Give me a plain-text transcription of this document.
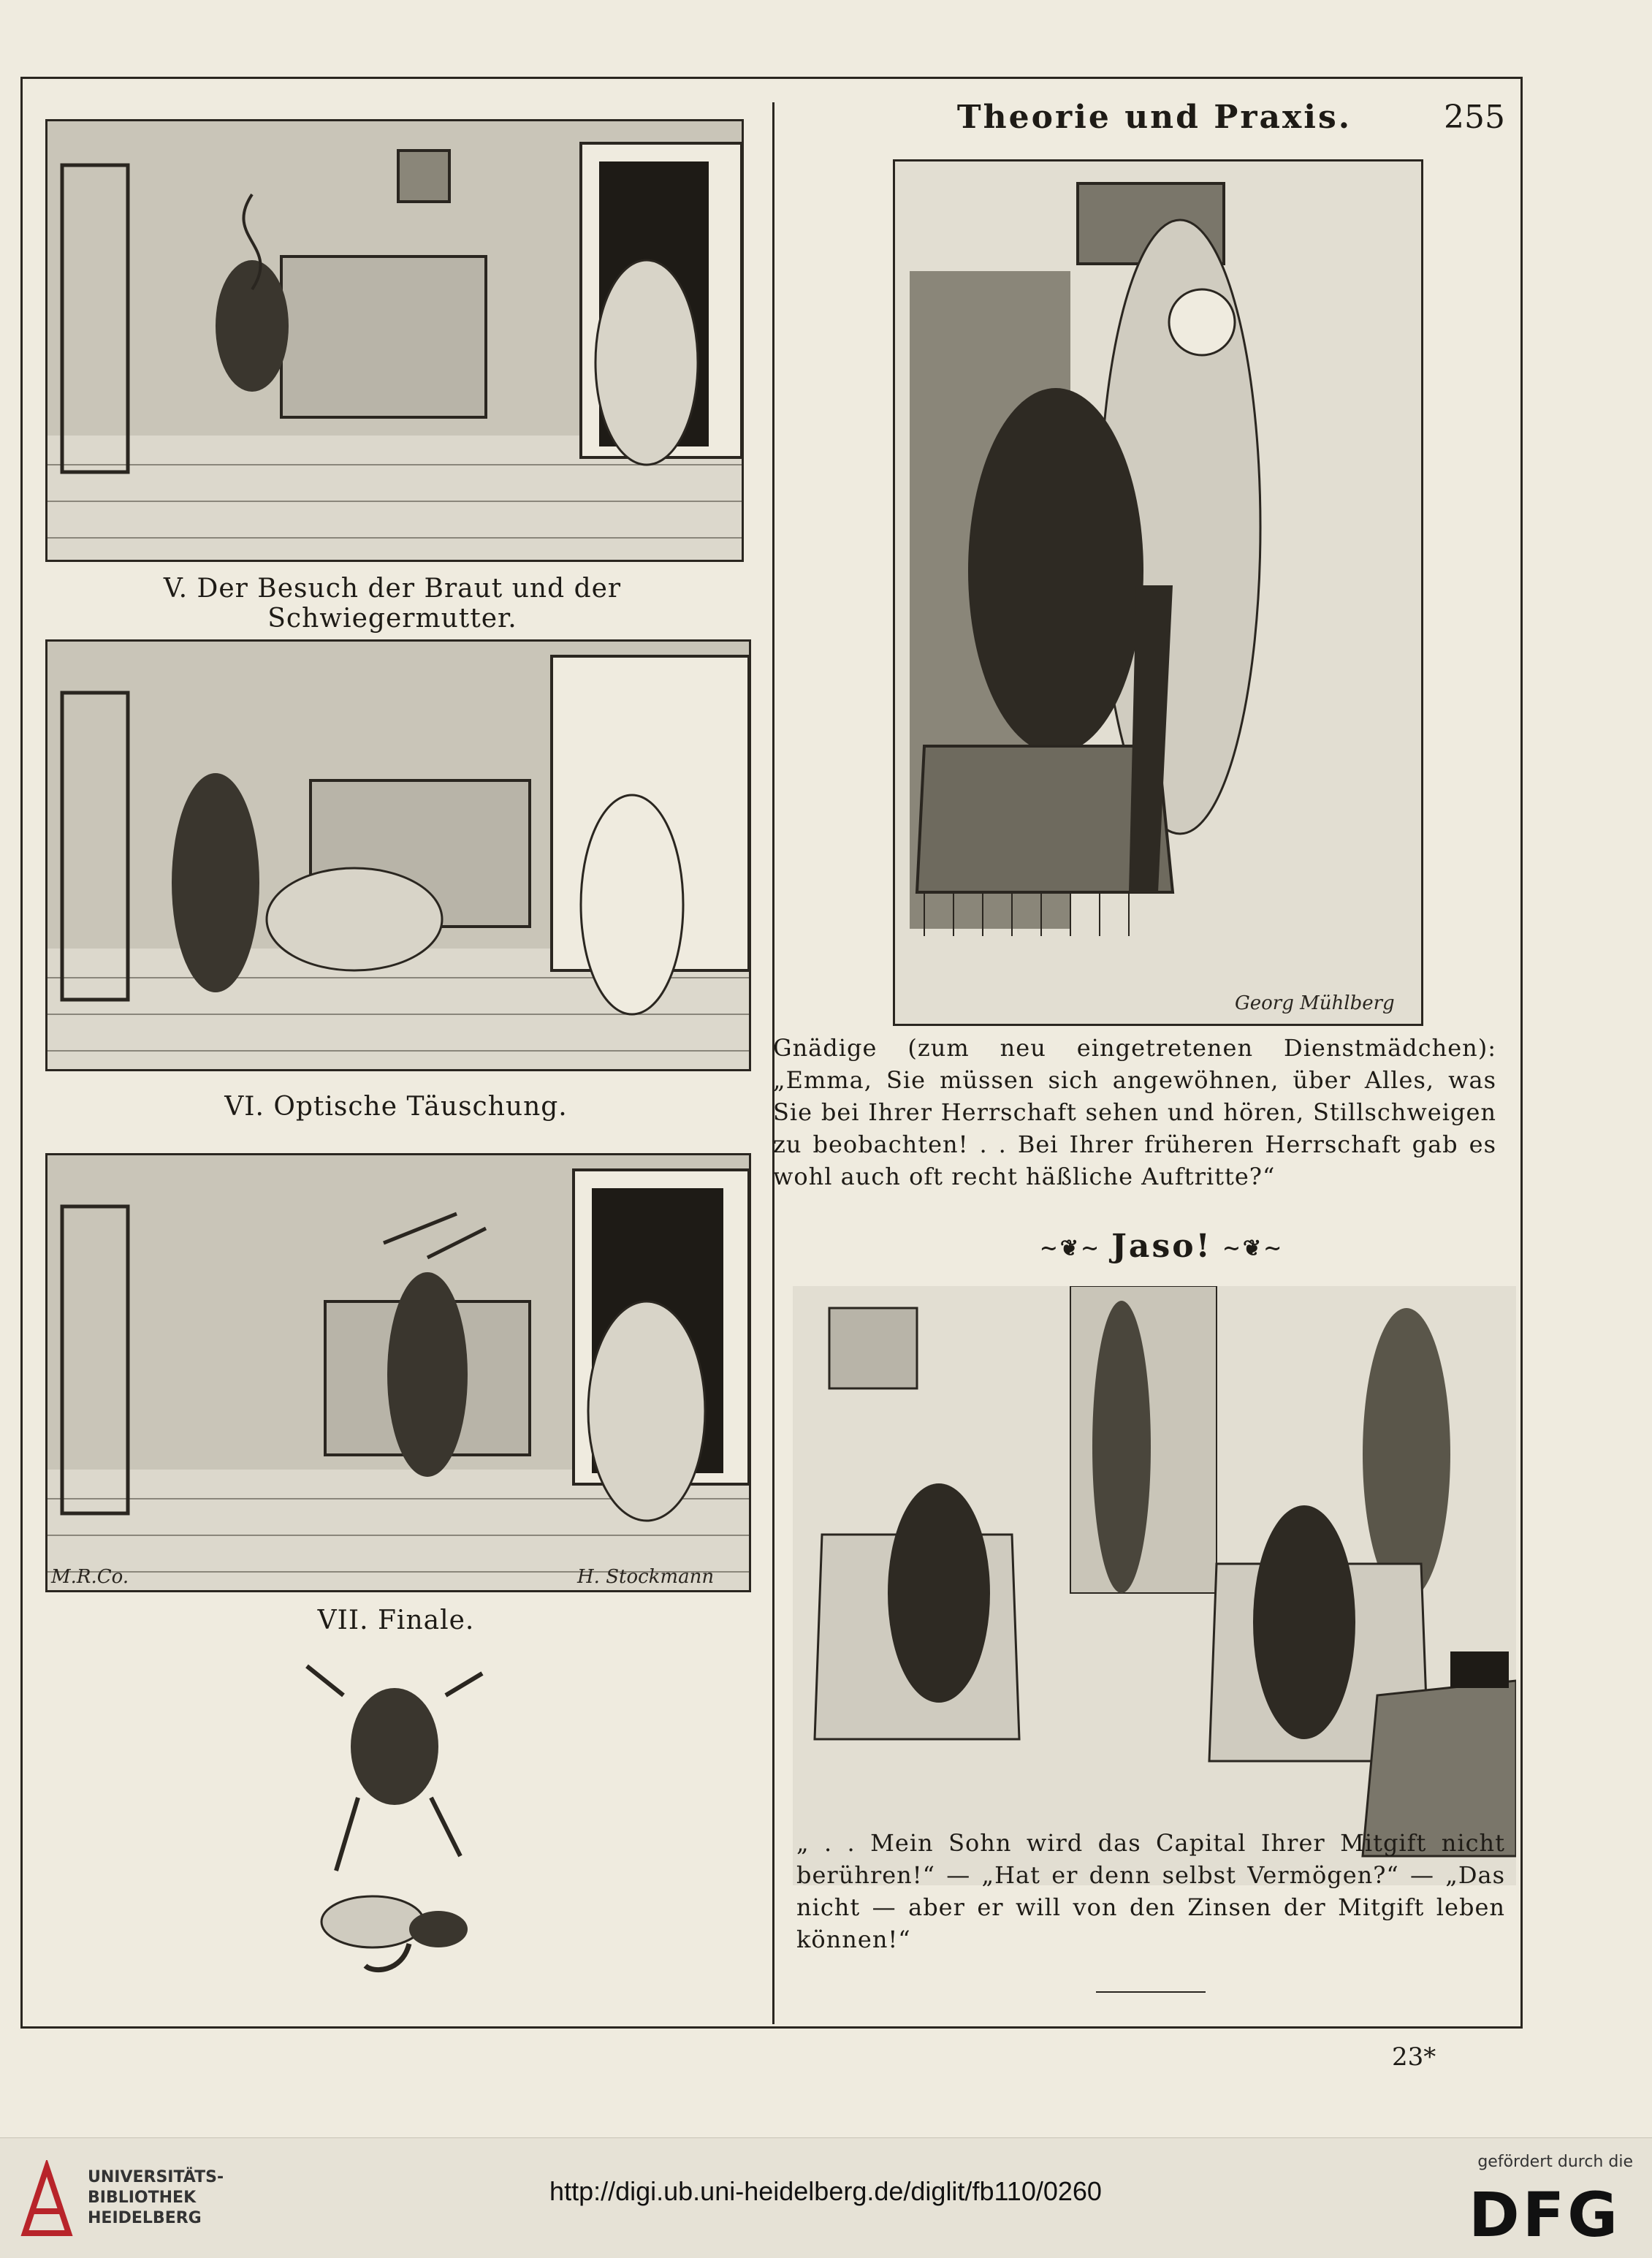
Theorie und Praxis.	255
V. Der Besuch der Braut und der Schwiegermutter.
VI. Optische Täuschung.
M.R.Co.	H. Stockmann
VII. Finale.
Georg Mühlberg
Gnädige (zum neu eingetretenen Dienstmädchen): „Emma, Sie müssen sich angewöhnen, über Alles, was Sie bei Ihrer Herrschaft sehen und hören, Stillschweigen zu beobachten! . . Bei Ihrer früheren Herrschaft gab es wohl auch oft recht häßliche Auftritte?“
∼❦∼ Jaso! ∼❦∼
„ . . Mein Sohn wird das Capital Ihrer Mitgift nicht berühren!“ — „Hat er denn selbst Vermögen?“ — „Das nicht — aber er will von den Zinsen der Mitgift leben können!“
23*
UNIVERSITÄTS-
BIBLIOTHEK
HEIDELBERG
http://digi.ub.uni-heidelberg.de/diglit/fb110/0260
gefördert durch die
DFG
